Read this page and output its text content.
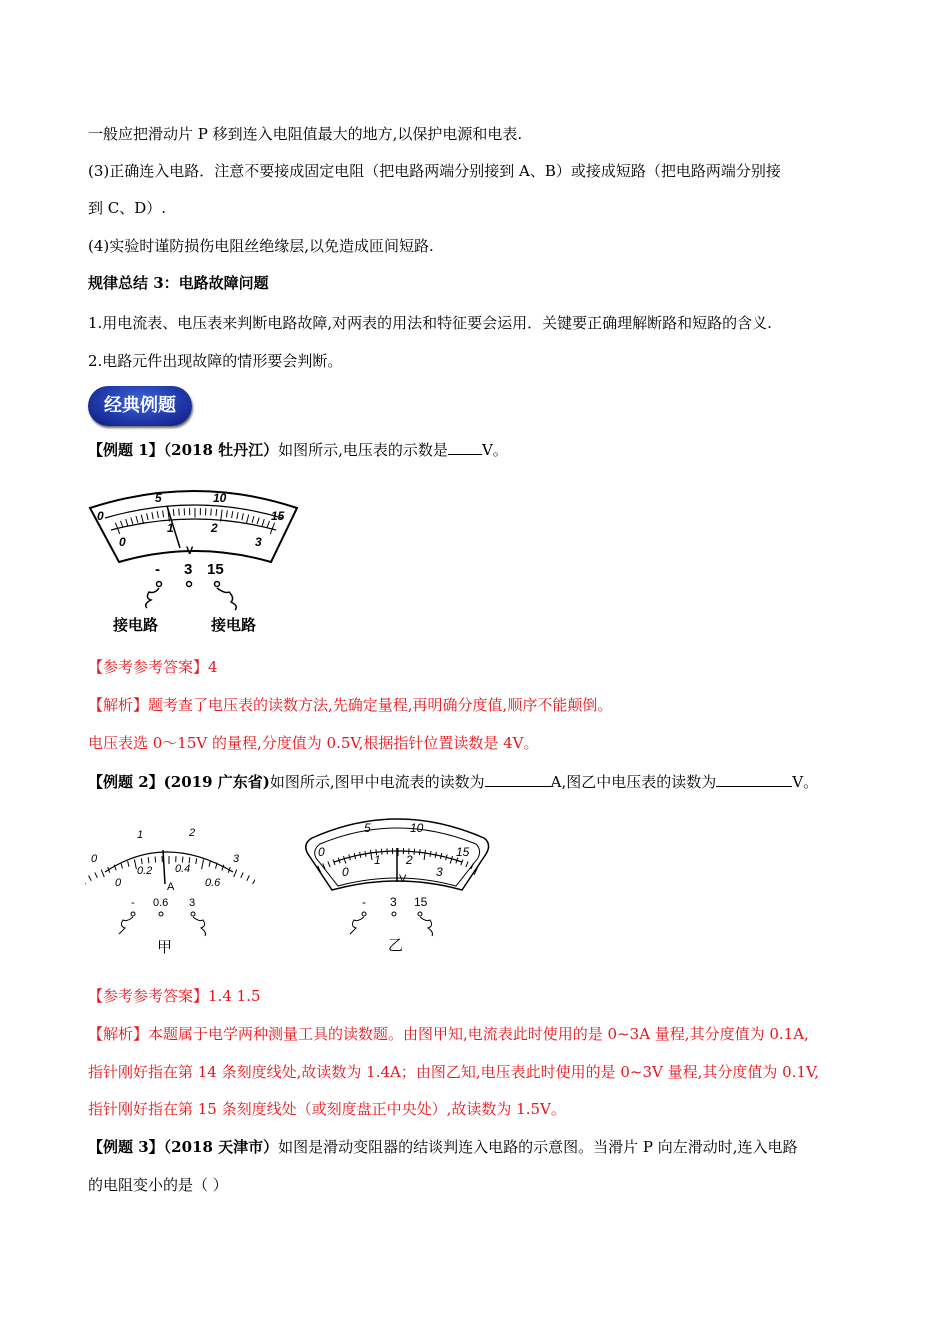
一般应把滑动片 P 移到连入电阻值最大的地方,以保护电源和电表.
(3)正确连入电路．注意不要接成固定电阻（把电路两端分别接到 A、B）或接成短路（把电路两端分别接
到 C、D）.
(4)实验时谨防损伤电阻丝绝缘层,以免造成匝间短路.
规律总结 3：电路故障问题
1.用电流表、电压表来判断电路故障,对两表的用法和特征要会运用．关键要正确理解断路和短路的含义.
2.电路元件出现故障的情形要会判断。
经典例题
【例题 1】（2018 牡丹江）如图所示,电压表的示数是 V。
0
5	10
15
0
1	2
3
V
- 3 15
接电路	接电路
【参考参考答案】4
【解析】题考查了电压表的读数方法,先确定量程,再明确分度值,顺序不能颠倒。
电压表选 0～15V 的量程,分度值为 0.5V,根据指针位置读数是 4V。
【例题 2】(2019 广东省)如图所示,图甲中电流表的读数为	A,图乙中电压表的读数为	V。
0
1	2
3
0
0.2 0.4
0.6
A
- 0.6 3
甲
0
5	10
15
0
1 2
3
V
- 3 15
乙
【参考参考答案】1.4 1.5
【解析】本题属于电学两种测量工具的读数题。由图甲知,电流表此时使用的是 0~3A 量程,其分度值为 0.1A,
指针刚好指在第 14 条刻度线处,故读数为 1.4A；由图乙知,电压表此时使用的是 0~3V 量程,其分度值为 0.1V,
指针刚好指在第 15 条刻度线处（或刻度盘正中央处）,故读数为 1.5V。
【例题 3】（2018 天津市）如图是滑动变阻器的结谈判连入电路的示意图。当滑片 P 向左滑动时,连入电路
的电阻变小的是（ ）
